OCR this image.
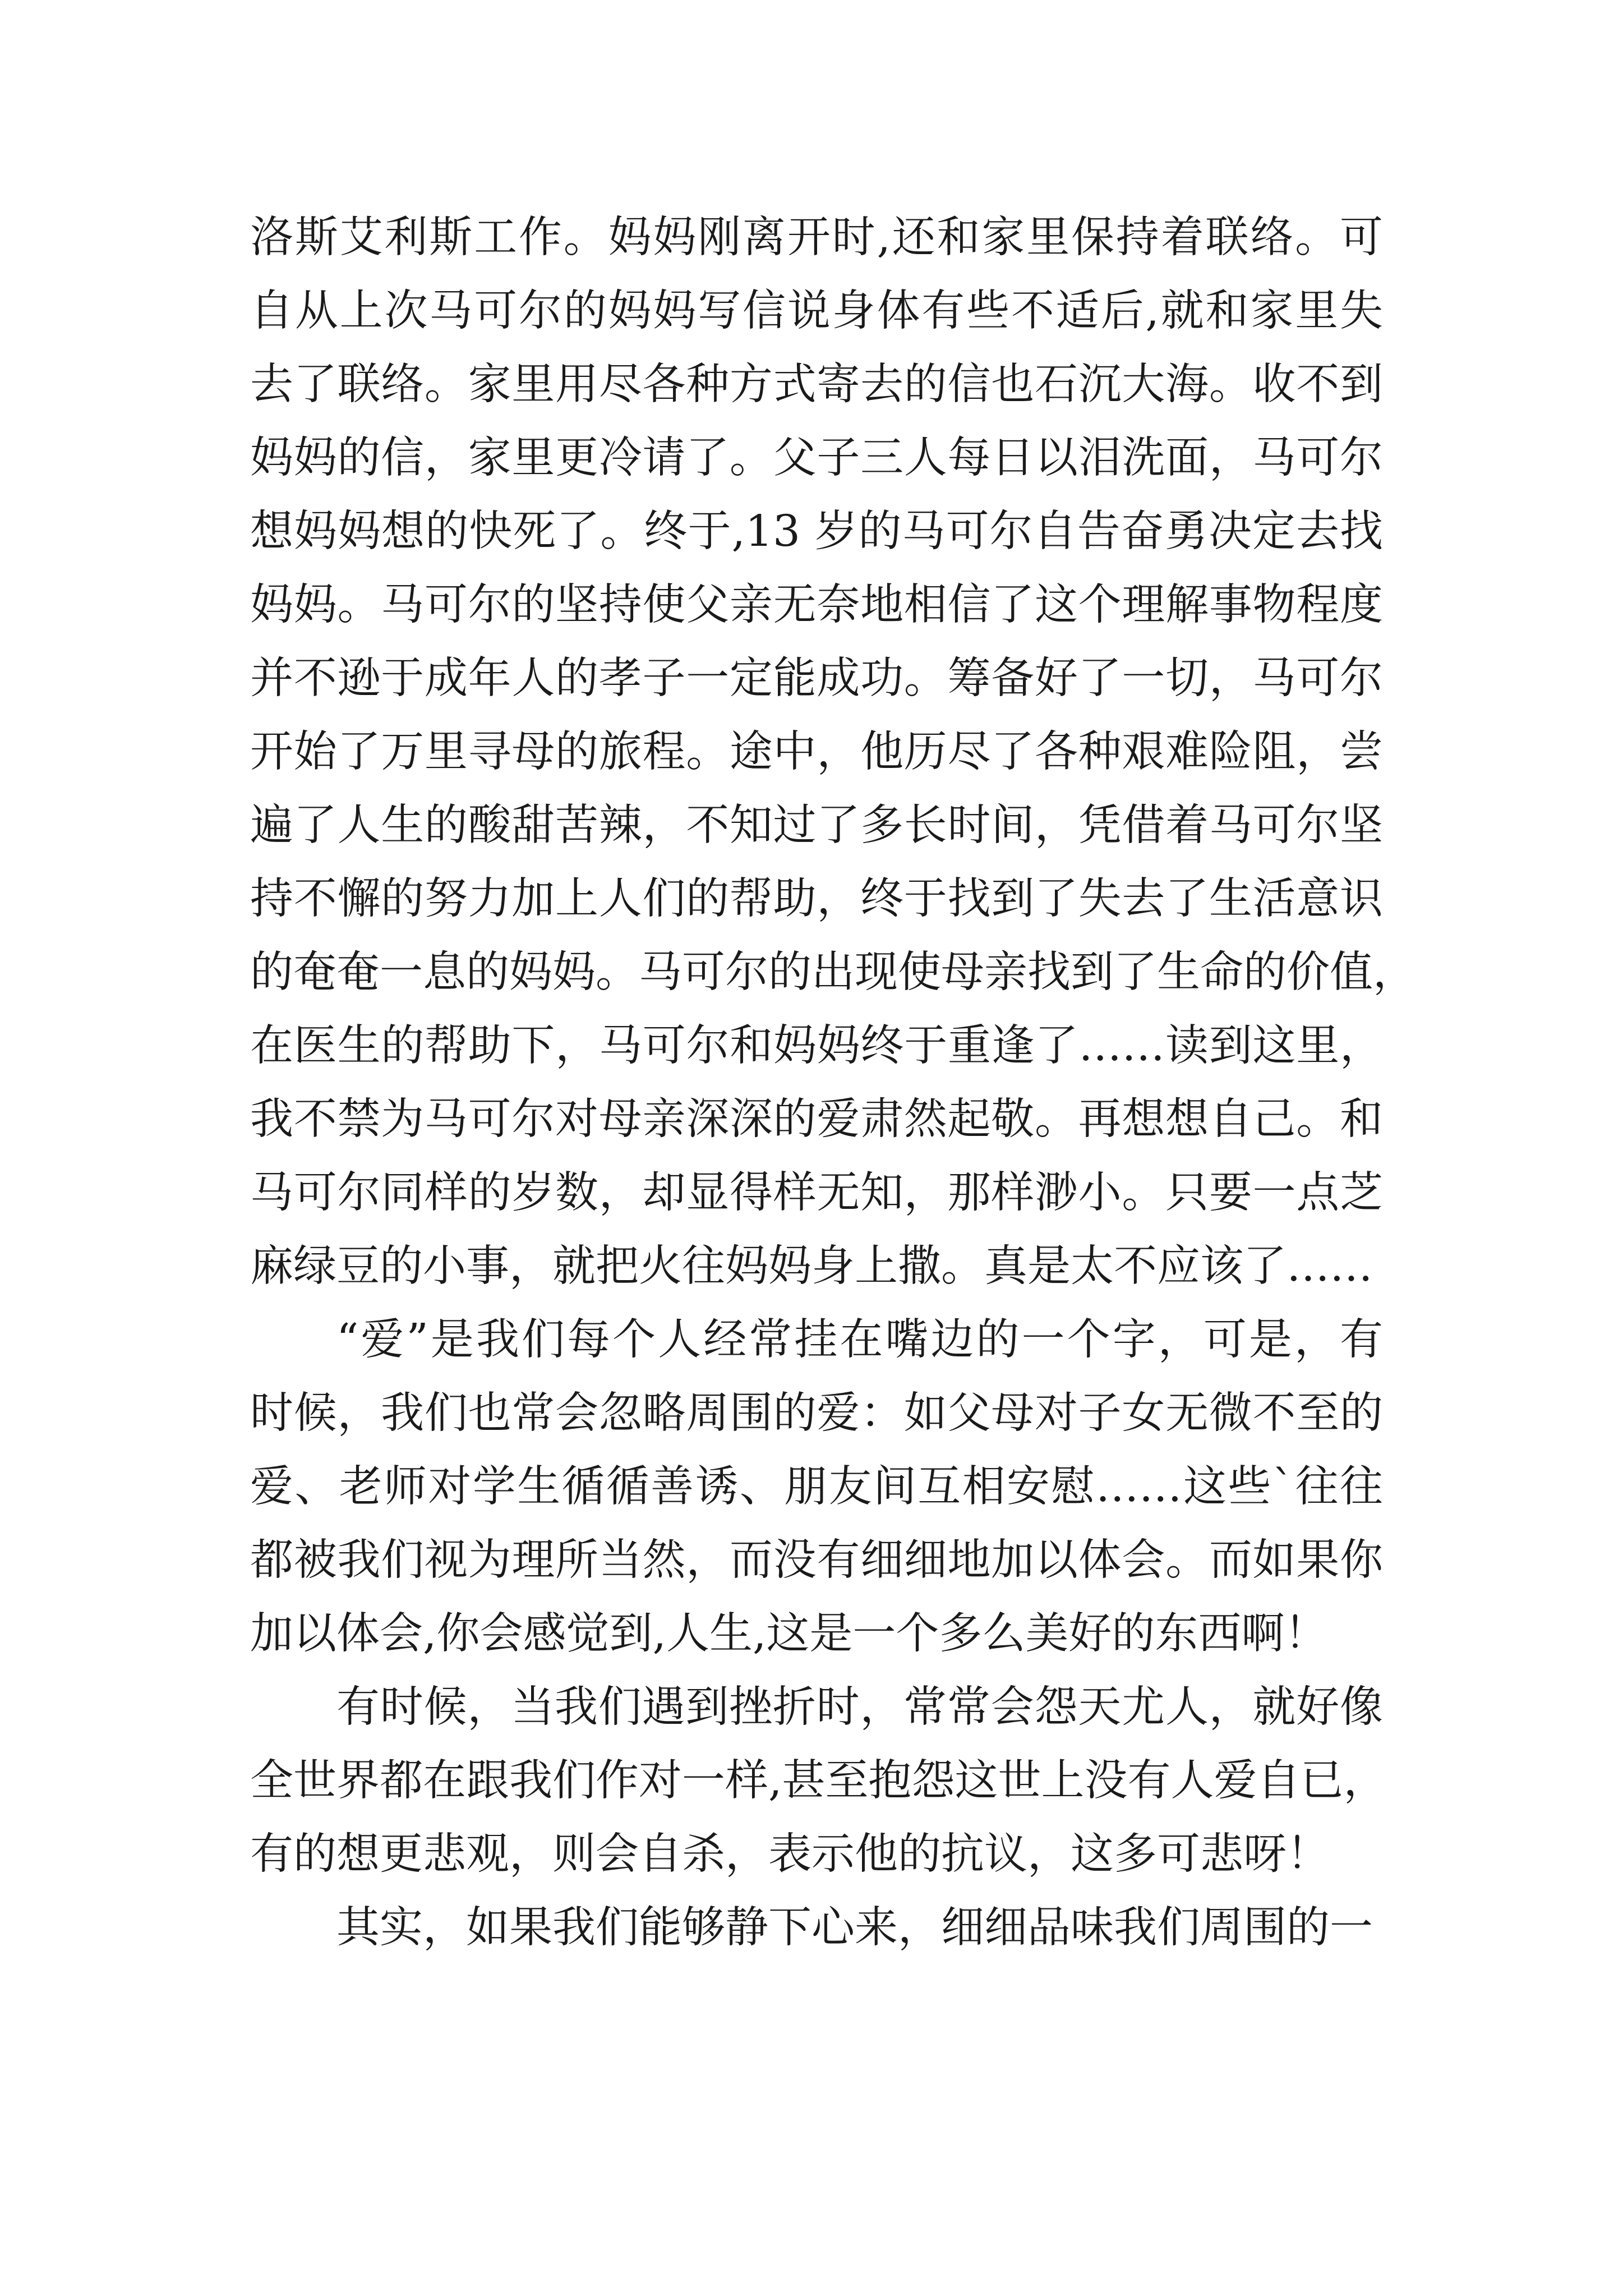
洛斯艾利斯工作。妈妈刚离开时,还和家里保持着联络。可
自从上次马可尔的妈妈写信说身体有些不适后,就和家里失
去了联络。家里用尽各种方式寄去的信也石沉大海。收不到
妈妈的信，家里更冷请了。父子三人每日以泪洗面，马可尔
想妈妈想的快死了。终于,13 岁的马可尔自告奋勇决定去找
妈妈。马可尔的坚持使父亲无奈地相信了这个理解事物程度
并不逊于成年人的孝子一定能成功。筹备好了一切，马可尔
开始了万里寻母的旅程。途中，他历尽了各种艰难险阻，尝
遍了人生的酸甜苦辣，不知过了多长时间，凭借着马可尔坚
持不懈的努力加上人们的帮助，终于找到了失去了生活意识
的奄奄一息的妈妈。马可尔的出现使母亲找到了生命的价值，
在医生的帮助下，马可尔和妈妈终于重逢了……读到这里，
我不禁为马可尔对母亲深深的爱肃然起敬。再想想自己。和
马可尔同样的岁数，却显得样无知，那样渺小。只要一点芝
麻绿豆的小事，就把火往妈妈身上撒。真是太不应该了……
“爱”是我们每个人经常挂在嘴边的一个字，可是，有
时候，我们也常会忽略周围的爱：如父母对子女无微不至的
爱、老师对学生循循善诱、朋友间互相安慰……这些`往往
都被我们视为理所当然，而没有细细地加以体会。而如果你
加以体会,你会感觉到,人生,这是一个多么美好的东西啊！
有时候，当我们遇到挫折时，常常会怨天尤人，就好像
全世界都在跟我们作对一样,甚至抱怨这世上没有人爱自已，
有的想更悲观，则会自杀，表示他的抗议，这多可悲呀！
其实，如果我们能够静下心来，细细品味我们周围的一
